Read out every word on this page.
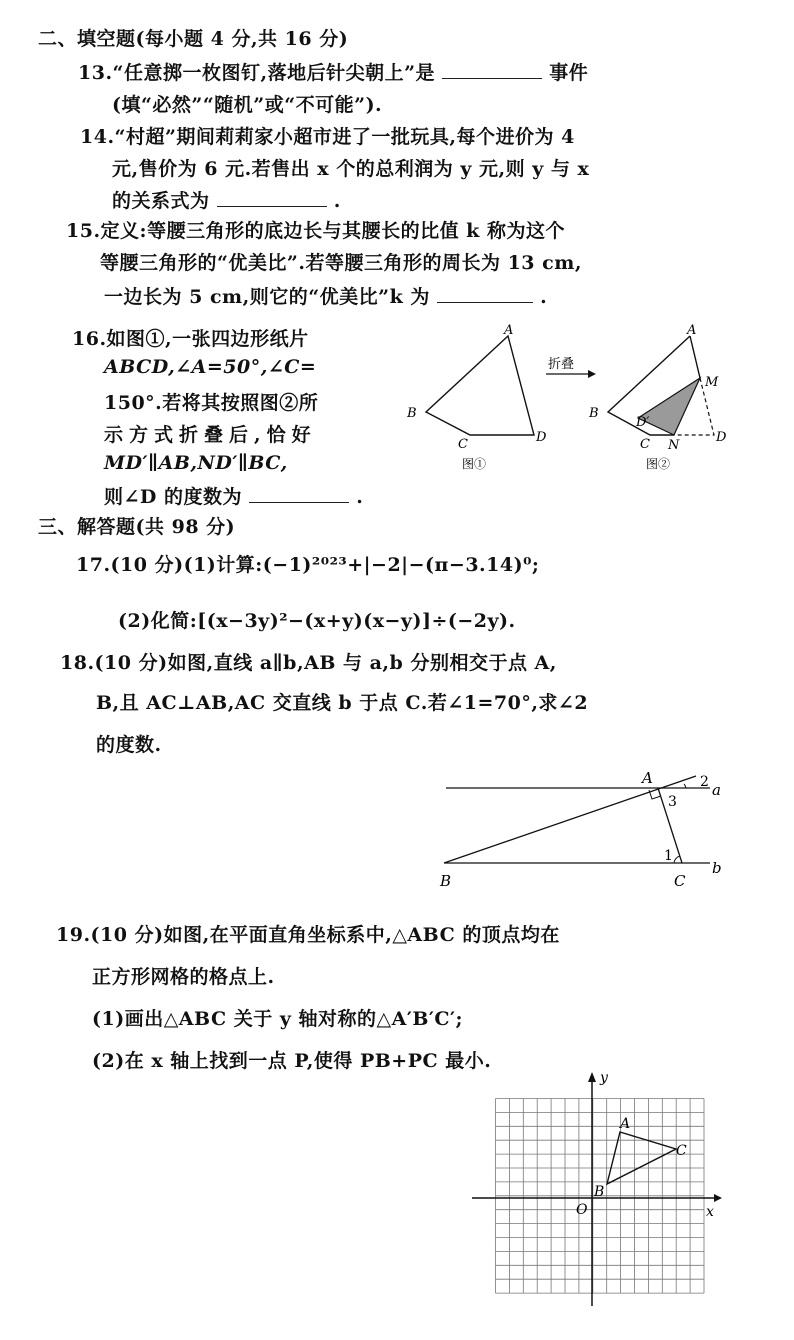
二、填空题(每小题 4 分,共 16 分)
13.“任意掷一枚图钉,落地后针尖朝上”是	事件
(填“必然”“随机”或“不可能”).
14.“村超”期间莉莉家小超市进了一批玩具,每个进价为 4
元,售价为 6 元.若售出 x 个的总利润为 y 元,则 y 与 x
的关系式为	.
15.定义:等腰三角形的底边长与其腰长的比值 k 称为这个
等腰三角形的“优美比”.若等腰三角形的周长为 13 cm,
一边长为 5 cm,则它的“优美比”k 为	.
16.如图①,一张四边形纸片
ABCD,∠A=50°,∠C=
150°.若将其按照图②所
示方式折叠后,恰好
MD′∥AB,ND′∥BC,
则∠D 的度数为	.
A
B
C	D
图①
折叠
A
B
C	D
M
N
D′
图②
三、解答题(共 98 分)
17.(10 分)(1)计算:(−1)²⁰²³+|−2|−(π−3.14)⁰;
(2)化简:[(x−3y)²−(x+y)(x−y)]÷(−2y).
18.(10 分)如图,直线 a∥b,AB 与 a,b 分别相交于点 A,
B,且 AC⊥AB,AC 交直线 b 于点 C.若∠1=70°,求∠2
的度数.
A
B	C
a
b
1
2
3
19.(10 分)如图,在平面直角坐标系中,△ABC 的顶点均在
正方形网格的格点上.
(1)画出△ABC 关于 y 轴对称的△A′B′C′;
(2)在 x 轴上找到一点 P,使得 PB+PC 最小.
A
B
C
O	x
y
